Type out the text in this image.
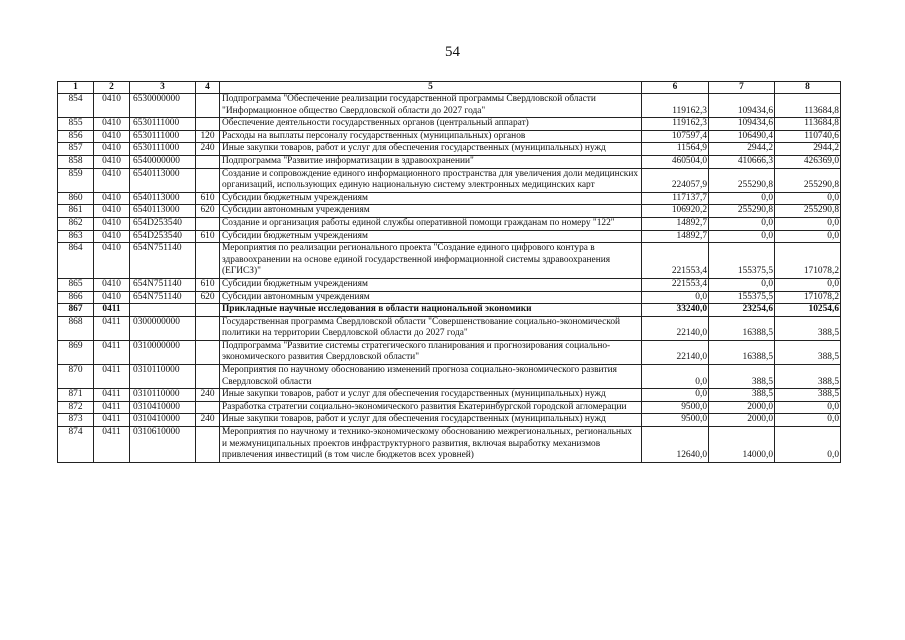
54
1	2	3	4	5	6	7	8
854	0410	6530000000		Подпрограмма "Обеспечение реализации государственной программы Свердловской области "Информационное общество Свердловской области до 2027 года"	119162,3	109434,6	113684,8
855	0410	6530111000		Обеспечение деятельности государственных органов (центральный аппарат)	119162,3	109434,6	113684,8
856	0410	6530111000	120	Расходы на выплаты персоналу государственных (муниципальных) органов	107597,4	106490,4	110740,6
857	0410	6530111000	240	Иные закупки товаров, работ и услуг для обеспечения государственных (муниципальных) нужд	11564,9	2944,2	2944,2
858	0410	6540000000		Подпрограмма "Развитие информатизации в здравоохранении"	460504,0	410666,3	426369,0
859	0410	6540113000		Создание и сопровождение единого информационного пространства для увеличения доли медицинских организаций, использующих единую национальную систему электронных медицинских карт	224057,9	255290,8	255290,8
860	0410	6540113000	610	Субсидии бюджетным учреждениям	117137,7	0,0	0,0
861	0410	6540113000	620	Субсидии автономным учреждениям	106920,2	255290,8	255290,8
862	0410	654D253540		Создание и организация работы единой службы оперативной помощи гражданам по номеру "122"	14892,7	0,0	0,0
863	0410	654D253540	610	Субсидии бюджетным учреждениям	14892,7	0,0	0,0
864	0410	654N751140		Мероприятия по реализации регионального проекта "Создание единого цифрового контура в здравоохранении на основе единой государственной информационной системы здравоохранения (ЕГИСЗ)"	221553,4	155375,5	171078,2
865	0410	654N751140	610	Субсидии бюджетным учреждениям	221553,4	0,0	0,0
866	0410	654N751140	620	Субсидии автономным учреждениям	0,0	155375,5	171078,2
867	0411			Прикладные научные исследования в области национальной экономики	33240,0	23254,6	10254,6
868	0411	0300000000		Государственная программа Свердловской области "Совершенствование социально-экономической политики на территории Свердловской области до 2027 года"	22140,0	16388,5	388,5
869	0411	0310000000		Подпрограмма "Развитие системы стратегического планирования и прогнозирования социально-экономического развития Свердловской области"	22140,0	16388,5	388,5
870	0411	0310110000		Мероприятия по научному обоснованию изменений прогноза социально-экономического развития Свердловской области	0,0	388,5	388,5
871	0411	0310110000	240	Иные закупки товаров, работ и услуг для обеспечения государственных (муниципальных) нужд	0,0	388,5	388,5
872	0411	0310410000		Разработка стратегии социально-экономического развития Екатеринбургской городской агломерации	9500,0	2000,0	0,0
873	0411	0310410000	240	Иные закупки товаров, работ и услуг для обеспечения государственных (муниципальных) нужд	9500,0	2000,0	0,0
874	0411	0310610000		Мероприятия по научному и технико-экономическому обоснованию межрегиональных, региональных и межмуниципальных проектов инфраструктурного развития, включая выработку механизмов привлечения инвестиций (в том числе бюджетов всех уровней)	12640,0	14000,0	0,0
